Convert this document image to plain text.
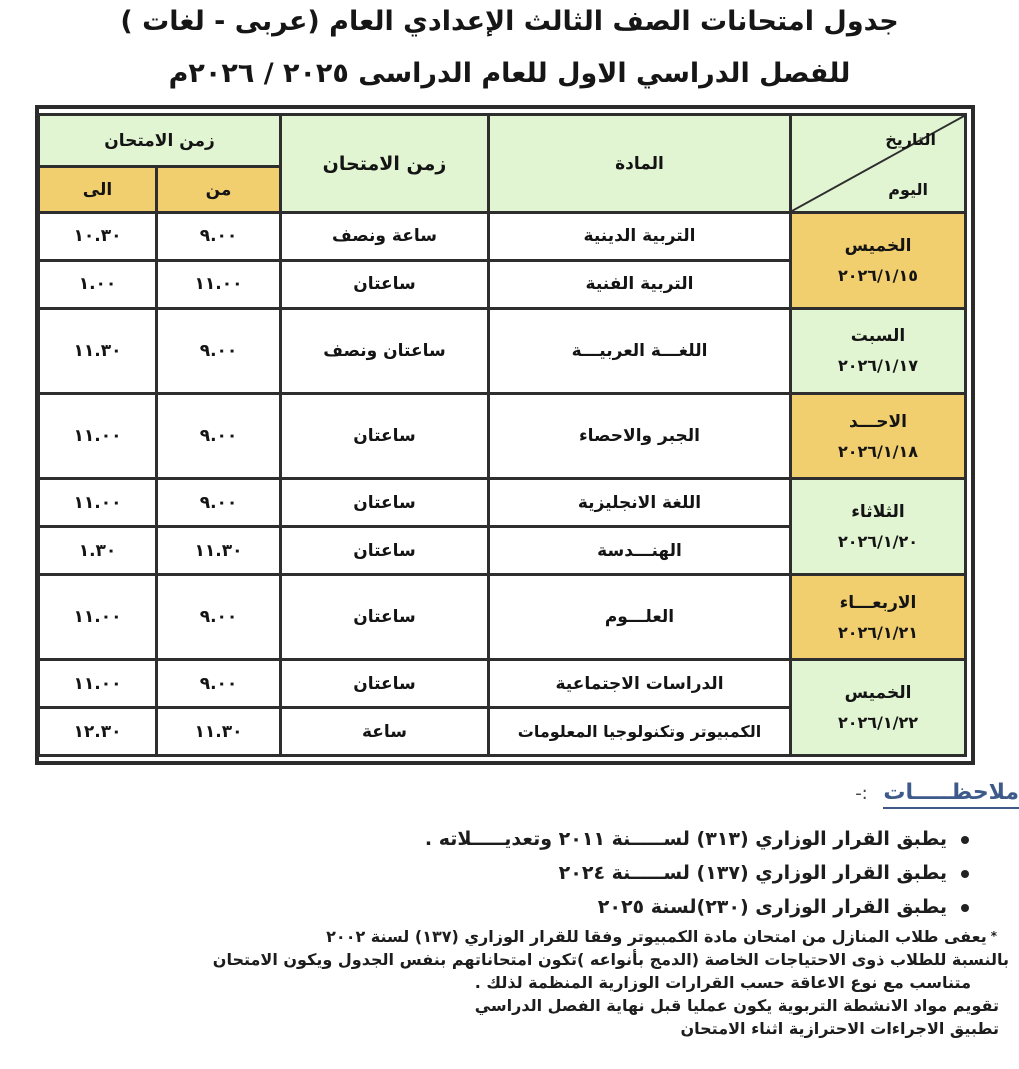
جدول امتحانات الصف الثالث الإعدادي العام (عربى - لغات )
للفصل الدراسي الاول للعام الدراسى ٢٠٢٥ / ٢٠٢٦م
التاريخ
اليوم	المادة	زمن الامتحان	زمن الامتحان	
			من	الى

الخميس
٢٠٢٦/١/١٥	التربية الدينية	ساعة ونصف	٩.٠٠	١٠.٣٠
	التربية الفنية	ساعتان	١١.٠٠	١.٠٠

السبت
٢٠٢٦/١/١٧	اللغـــة العربيـــة	ساعتان ونصف	٩.٠٠	١١.٣٠

الاحـــد
٢٠٢٦/١/١٨	الجبر والاحصاء	ساعتان	٩.٠٠	١١.٠٠

الثلاثاء
٢٠٢٦/١/٢٠	اللغة الانجليزية	ساعتان	٩.٠٠	١١.٠٠
	الهنـــدسة	ساعتان	١١.٣٠	١.٣٠

الاربعـــاء
٢٠٢٦/١/٢١	العلـــوم	ساعتان	٩.٠٠	١١.٠٠

الخميس
٢٠٢٦/١/٢٢	الدراسات الاجتماعية	ساعتان	٩.٠٠	١١.٠٠
	الكمبيوتر وتكنولوجيا المعلومات	ساعة	١١.٣٠	١٢.٣٠
ملاحظـــــات :-
يطبق القرار الوزاري (٣١٣) لســـــنة ٢٠١١ وتعديـــــلاته .
يطبق القرار الوزاري (١٣٧) لســـــنة ٢٠٢٤
يطبق القرار الوزارى (٢٣٠)لسنة ٢٠٢٥

*يعفى طلاب المنازل من امتحان مادة الكمبيوتر وفقا للقرار الوزاري (١٣٧) لسنة ٢٠٠٢

بالنسبة للطلاب ذوى الاحتياجات الخاصة (الدمج بأنواعه )تكون امتحاناتهم بنفس الجدول ويكون الامتحان

متناسب مع نوع الاعاقة حسب القرارات الوزارية المنظمة لذلك .

تقويم مواد الانشطة التربوية يكون عمليا قبل نهاية الفصل الدراسي

تطبيق الاجراءات الاحترازية اثناء الامتحان
